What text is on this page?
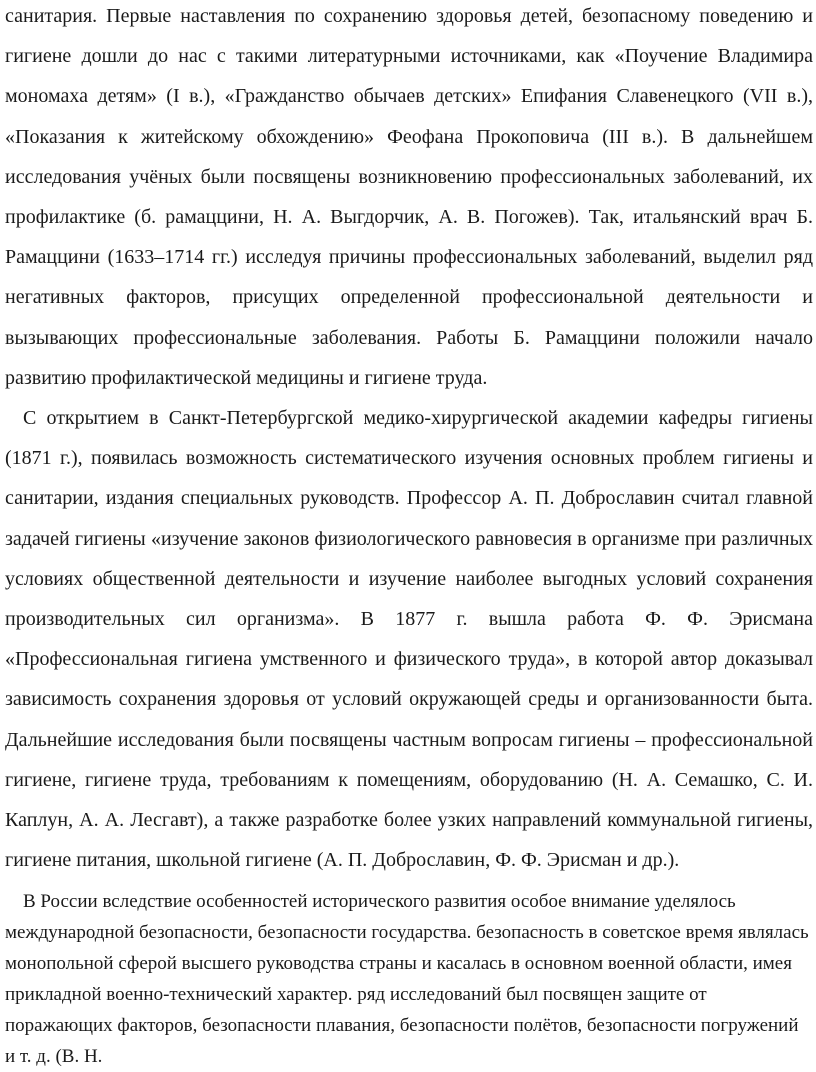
санитария. Первые наставления по сохранению здоровья детей, безопасному поведению и гигиене дошли до нас с такими литературными источниками, как «Поучение Владимира мономаха детям» (I в.), «Гражданство обычаев детских» Епифания Славенецкого (VII в.), «Показания к житейскому обхождению» Феофана Прокоповича (III в.). В дальнейшем исследования учёных были посвящены возникновению профессиональных заболеваний, их профилактике (б. рамаццини, Н. А. Выгдорчик, А. В. Погожев). Так, итальянский врач Б. Рамаццини (1633–1714 гг.) исследуя причины профессиональных заболеваний, выделил ряд негативных факторов, присущих определенной профессиональной деятельности и вызывающих профессиональные заболевания. Работы Б. Рамаццини положили начало развитию профилактической медицины и гигиене труда.

С открытием в Санкт-Петербургской медико-хирургической академии кафедры гигиены (1871 г.), появилась возможность систематического изучения основных проблем гигиены и санитарии, издания специальных руководств. Профессор А. П. Доброславин считал главной задачей гигиены «изучение законов физиологического равновесия в организме при различных условиях общественной деятельности и изучение наиболее выгодных условий сохранения производительных сил организма». В 1877 г. вышла работа Ф. Ф. Эрисмана «Профессиональная гигиена умственного и физического труда», в которой автор доказывал зависимость сохранения здоровья от условий окружающей среды и организованности быта. Дальнейшие исследования были посвящены частным вопросам гигиены – профессиональной гигиене, гигиене труда, требованиям к помещениям, оборудованию (Н. А. Семашко, С. И. Каплун, А. А. Лесгавт), а также разработке более узких направлений коммунальной гигиены, гигиене питания, школьной гигиене (А. П. Доброславин, Ф. Ф. Эрисман и др.).

В России вследствие особенностей исторического развития особое внимание уделялось международной безопасности, безопасности государства. безопасность в советское время являлась монопольной сферой высшего руководства страны и касалась в основном военной области, имея прикладной военно-технический характер. ряд исследований был посвящен защите от поражающих факторов, безопасности плавания, безопасности полётов, безопасности погружений и т. д. (В. Н.
